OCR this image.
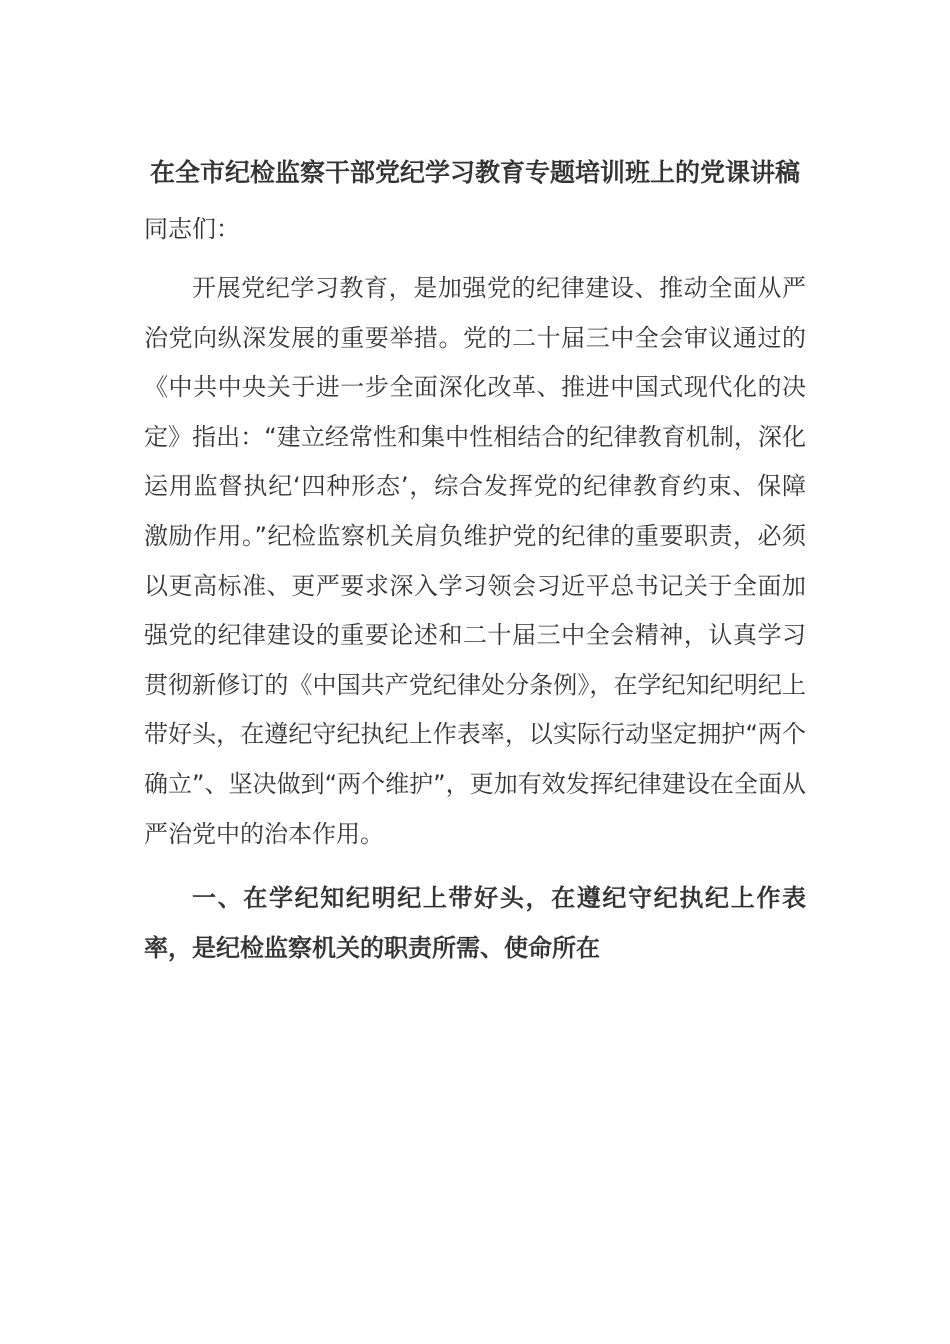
在全市纪检监察干部党纪学习教育专题培训班上的党课讲稿

同志们：

开展党纪学习教育，是加强党的纪律建设、推动全面从严治党向纵深发展的重要举措。党的二十届三中全会审议通过的《中共中央关于进一步全面深化改革、推进中国式现代化的决定》指出：“建立经常性和集中性相结合的纪律教育机制，深化运用监督执纪‘四种形态’，综合发挥党的纪律教育约束、保障激励作用。”纪检监察机关肩负维护党的纪律的重要职责，必须以更高标准、更严要求深入学习领会习近平总书记关于全面加强党的纪律建设的重要论述和二十届三中全会精神，认真学习贯彻新修订的《中国共产党纪律处分条例》，在学纪知纪明纪上带好头，在遵纪守纪执纪上作表率，以实际行动坚定拥护“两个确立”、坚决做到“两个维护”，更加有效发挥纪律建设在全面从严治党中的治本作用。

一、在学纪知纪明纪上带好头，在遵纪守纪执纪上作表率，是纪检监察机关的职责所需、使命所在
